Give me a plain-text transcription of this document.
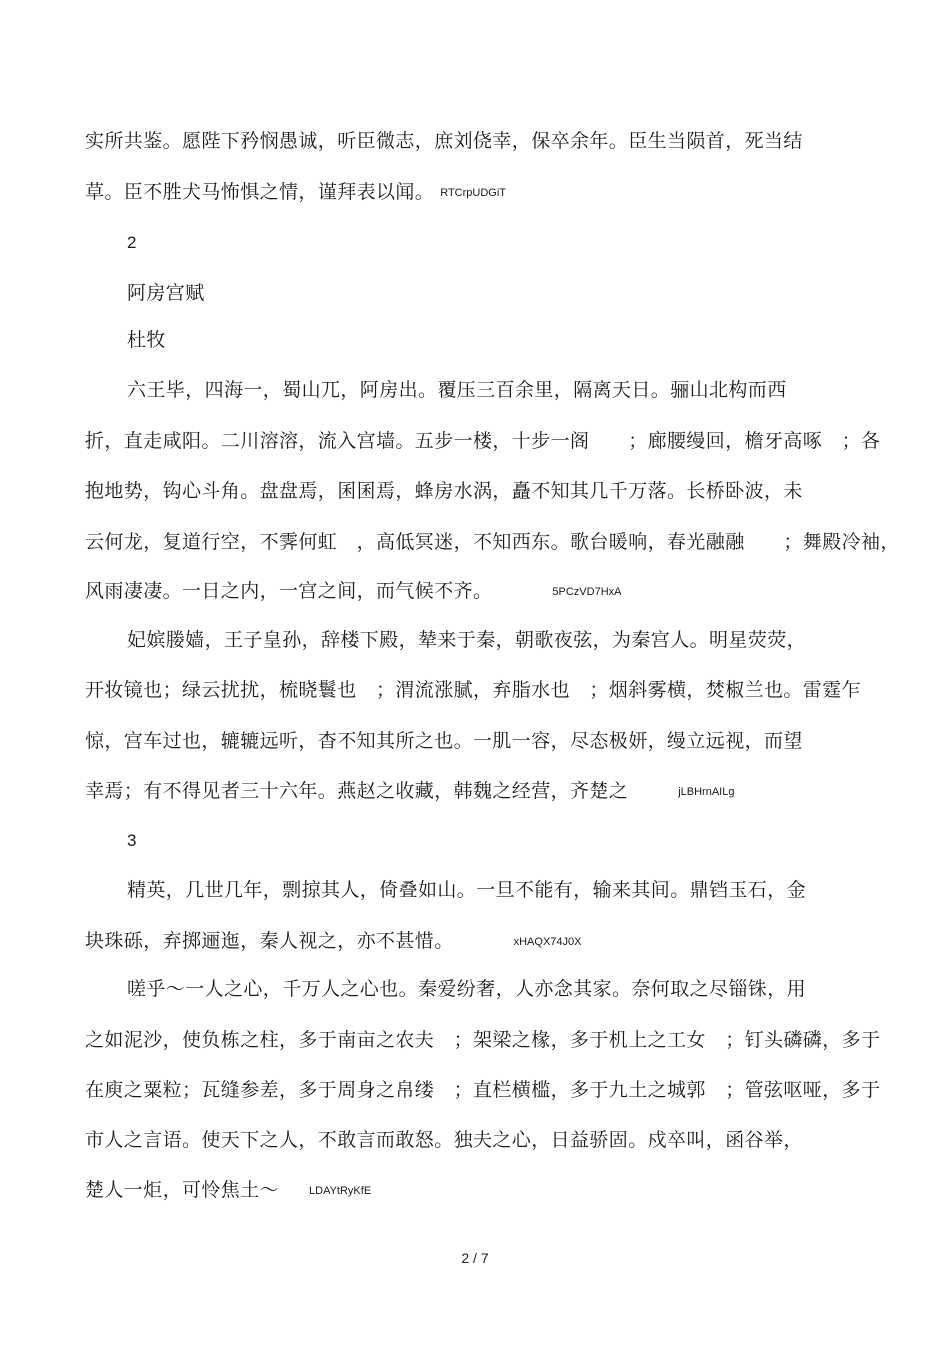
实所共鉴。愿陛下矜悯愚诚，听臣微志，庶刘侥幸，保卒余年。臣生当陨首，死当结
草。臣不胜犬马怖惧之情，谨拜表以闻。 RTCrpUDGiT
2
阿房宫赋
杜牧
六王毕，四海一，蜀山兀，阿房出。覆压三百余里，隔离天日。骊山北构而西
折，直走咸阳。二川溶溶，流入宫墙。五步一楼，十步一阁　　；廊腰缦回，檐牙高啄　；各
抱地势，钩心斗角。盘盘焉，囷囷焉，蜂房水涡，矗不知其几千万落。长桥卧波，未
云何龙，复道行空，不霁何虹　，高低冥迷，不知西东。歌台暖响，春光融融　　；舞殿冷袖，
风雨凄凄。一日之内，一宫之间，而气候不齐。	5PCzVD7HxA
妃嫔媵嫱，王子皇孙，辞楼下殿，辇来于秦，朝歌夜弦，为秦宫人。明星荧荧，
开妆镜也；绿云扰扰，梳晓鬟也　；渭流涨腻，弃脂水也　；烟斜雾横，焚椒兰也。雷霆乍
惊，宫车过也，辘辘远听，杳不知其所之也。一肌一容，尽态极妍，缦立远视，而望
幸焉；有不得见者三十六年。燕赵之收藏，韩魏之经营，齐楚之	jLBHrnAILg
3
精英，几世几年，剽掠其人，倚叠如山。一旦不能有，输来其间。鼎铛玉石，金
块珠砾，弃掷逦迤，秦人视之，亦不甚惜。	xHAQX74J0X
嗟乎～一人之心，千万人之心也。秦爱纷奢，人亦念其家。奈何取之尽锱铢，用
之如泥沙，使负栋之柱，多于南亩之农夫　；架梁之椽，多于机上之工女　；钉头磷磷，多于
在庾之粟粒；瓦缝参差，多于周身之帛缕　；直栏横槛，多于九土之城郭　；管弦呕哑，多于
市人之言语。使天下之人，不敢言而敢怒。独夫之心，日益骄固。戍卒叫，函谷举，
楚人一炬，可怜焦土～	LDAYtRyKfE
2 / 7
